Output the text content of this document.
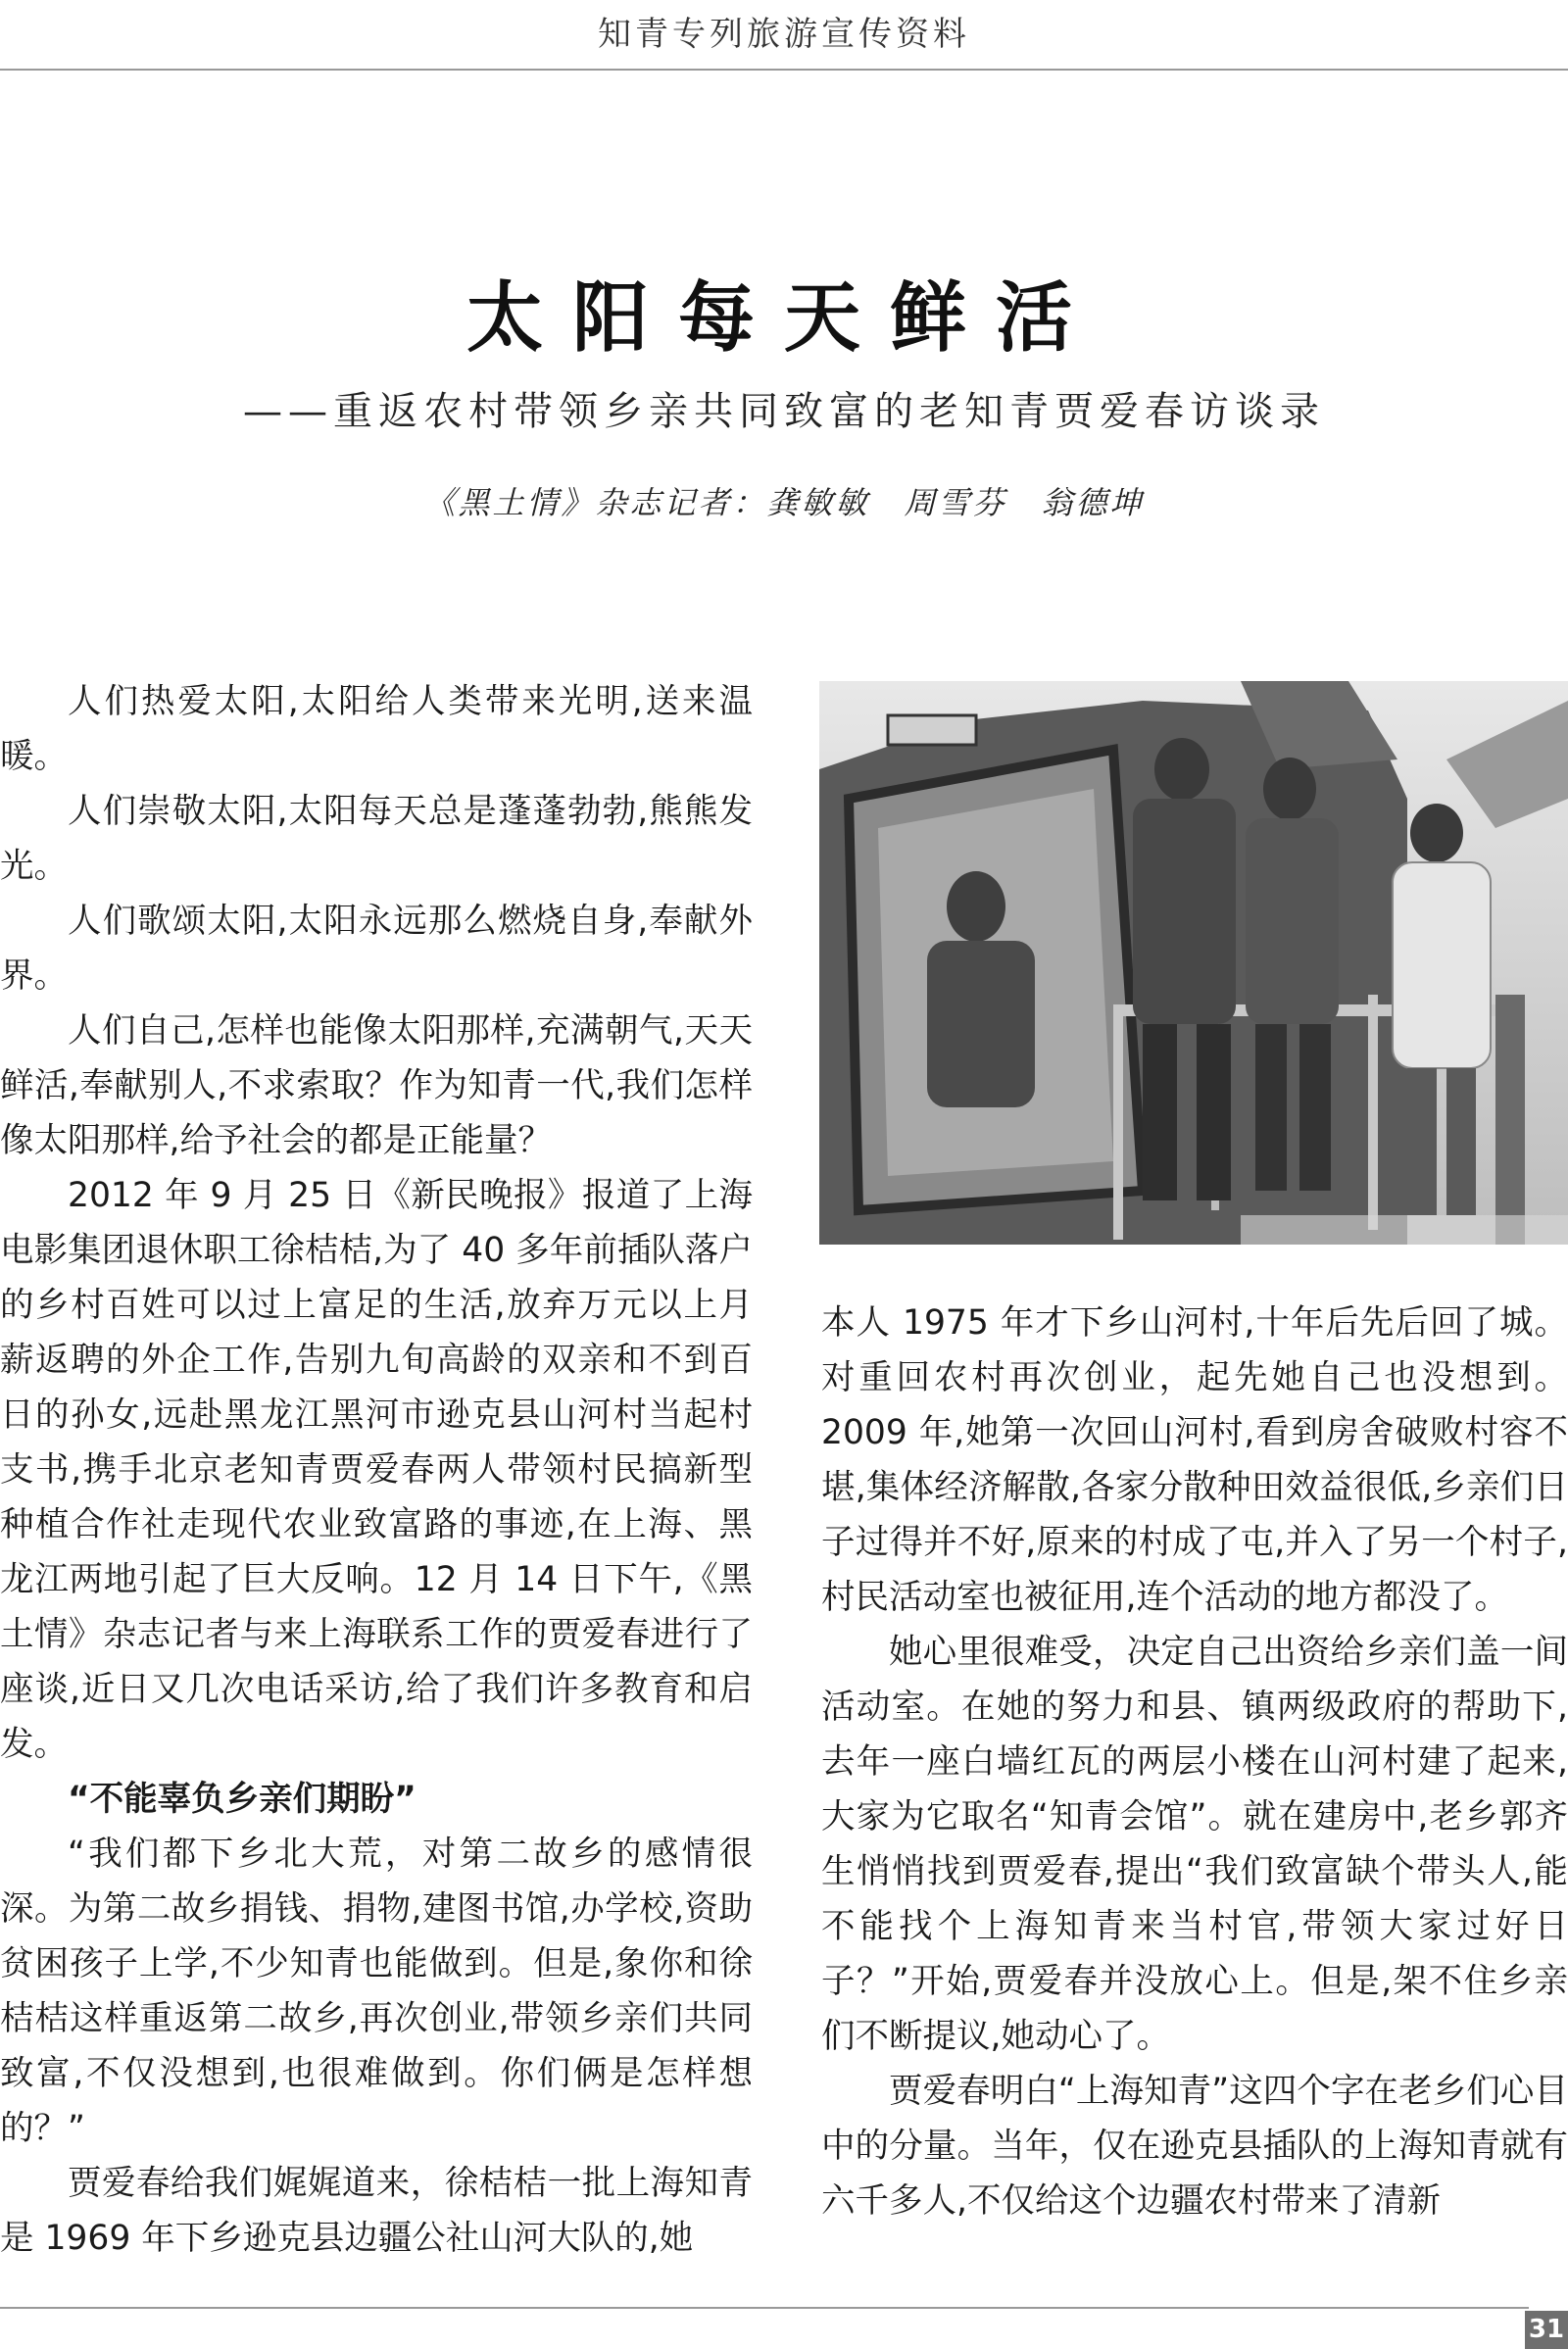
知青专列旅游宣传资料
太阳每天鲜活
——重返农村带领乡亲共同致富的老知青贾爱春访谈录
《黑土情》杂志记者：龚敏敏　周雪芬　翁德坤

人们热爱太阳,太阳给人类带来光明,送来温暖。

人们崇敬太阳,太阳每天总是蓬蓬勃勃,熊熊发光。

人们歌颂太阳,太阳永远那么燃烧自身,奉献外界。

人们自己,怎样也能像太阳那样,充满朝气,天天鲜活,奉献别人,不求索取？作为知青一代,我们怎样像太阳那样,给予社会的都是正能量？

2012 年 9 月 25 日《新民晚报》报道了上海电影集团退休职工徐桔桔,为了 40 多年前插队落户的乡村百姓可以过上富足的生活,放弃万元以上月薪返聘的外企工作,告别九旬高龄的双亲和不到百日的孙女,远赴黑龙江黑河市逊克县山河村当起村支书,携手北京老知青贾爱春两人带领村民搞新型种植合作社走现代农业致富路的事迹,在上海、黑龙江两地引起了巨大反响。12 月 14 日下午,《黑土情》杂志记者与来上海联系工作的贾爱春进行了座谈,近日又几次电话采访,给了我们许多教育和启发。

“不能辜负乡亲们期盼”

“我们都下乡北大荒，对第二故乡的感情很深。为第二故乡捐钱、捐物,建图书馆,办学校,资助贫困孩子上学,不少知青也能做到。但是,象你和徐桔桔这样重返第二故乡,再次创业,带领乡亲们共同致富,不仅没想到,也很难做到。你们俩是怎样想的？”

贾爱春给我们娓娓道来，徐桔桔一批上海知青是 1969 年下乡逊克县边疆公社山河大队的,她

本人 1975 年才下乡山河村,十年后先后回了城。对重回农村再次创业，起先她自己也没想到。2009 年,她第一次回山河村,看到房舍破败村容不堪,集体经济解散,各家分散种田效益很低,乡亲们日子过得并不好,原来的村成了屯,并入了另一个村子,村民活动室也被征用,连个活动的地方都没了。

她心里很难受，决定自己出资给乡亲们盖一间活动室。在她的努力和县、镇两级政府的帮助下,去年一座白墙红瓦的两层小楼在山河村建了起来,大家为它取名“知青会馆”。就在建房中,老乡郭齐生悄悄找到贾爱春,提出“我们致富缺个带头人,能不能找个上海知青来当村官,带领大家过好日子？”开始,贾爱春并没放心上。但是,架不住乡亲们不断提议,她动心了。

贾爱春明白“上海知青”这四个字在老乡们心目中的分量。当年，仅在逊克县插队的上海知青就有六千多人,不仅给这个边疆农村带来了清新

31
